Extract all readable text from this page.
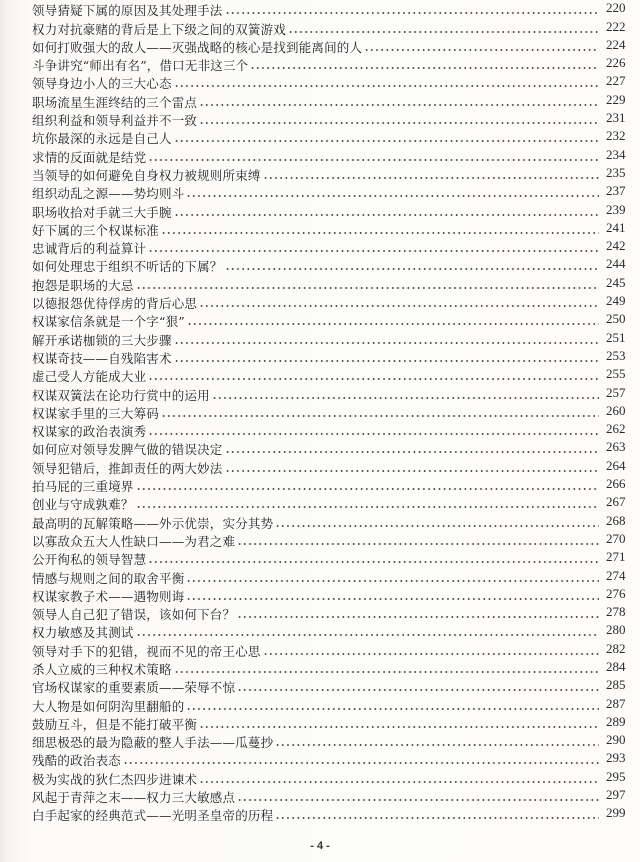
领导猜疑下属的原因及其处理手法	220
权力对抗豪赌的背后是上下级之间的双簧游戏	222
如何打败强大的敌人——灭强战略的核心是找到能离间的人	224
斗争讲究“师出有名”，借口无非这三个	226
领导身边小人的三大心态	227
职场流星生涯终结的三个雷点	229
组织利益和领导利益并不一致	231
坑你最深的永远是自己人	232
求情的反面就是结党	234
当领导的如何避免自身权力被规则所束缚	235
组织动乱之源——势均则斗	237
职场收拾对手就三大手腕	239
好下属的三个权谋标准	241
忠诚背后的利益算计	242
如何处理忠于组织不听话的下属？	244
抱怨是职场的大忌	245
以德报怨优待俘虏的背后心思	249
权谋家信条就是一个字“狠”	250
解开承诺枷锁的三大步骤	251
权谋奇技——自残陷害术	253
虚己受人方能成大业	255
权谋双簧法在论功行赏中的运用	257
权谋家手里的三大筹码	260
权谋家的政治表演秀	262
如何应对领导发脾气做的错误决定	263
领导犯错后，推卸责任的两大妙法	264
拍马屁的三重境界	266
创业与守成孰难？	267
最高明的瓦解策略——外示优崇，实分其势	268
以寡敌众五大人性缺口——为君之难	270
公开徇私的领导智慧	271
情感与规则之间的取舍平衡	274
权谋家教子术——遇物则诲	276
领导人自己犯了错误，该如何下台？	278
权力敏感及其测试	280
领导对手下的犯错，视而不见的帝王心思	282
杀人立威的三种权术策略	284
官场权谋家的重要素质——荣辱不惊	285
大人物是如何阴沟里翻船的	287
鼓励互斗，但是不能打破平衡	289
细思极恐的最为隐蔽的整人手法——瓜蔓抄	290
残酷的政治表态	293
极为实战的狄仁杰四步进谏术	295
风起于青萍之末——权力三大敏感点	297
白手起家的经典范式——光明圣皇帝的历程	299
- 4 -
